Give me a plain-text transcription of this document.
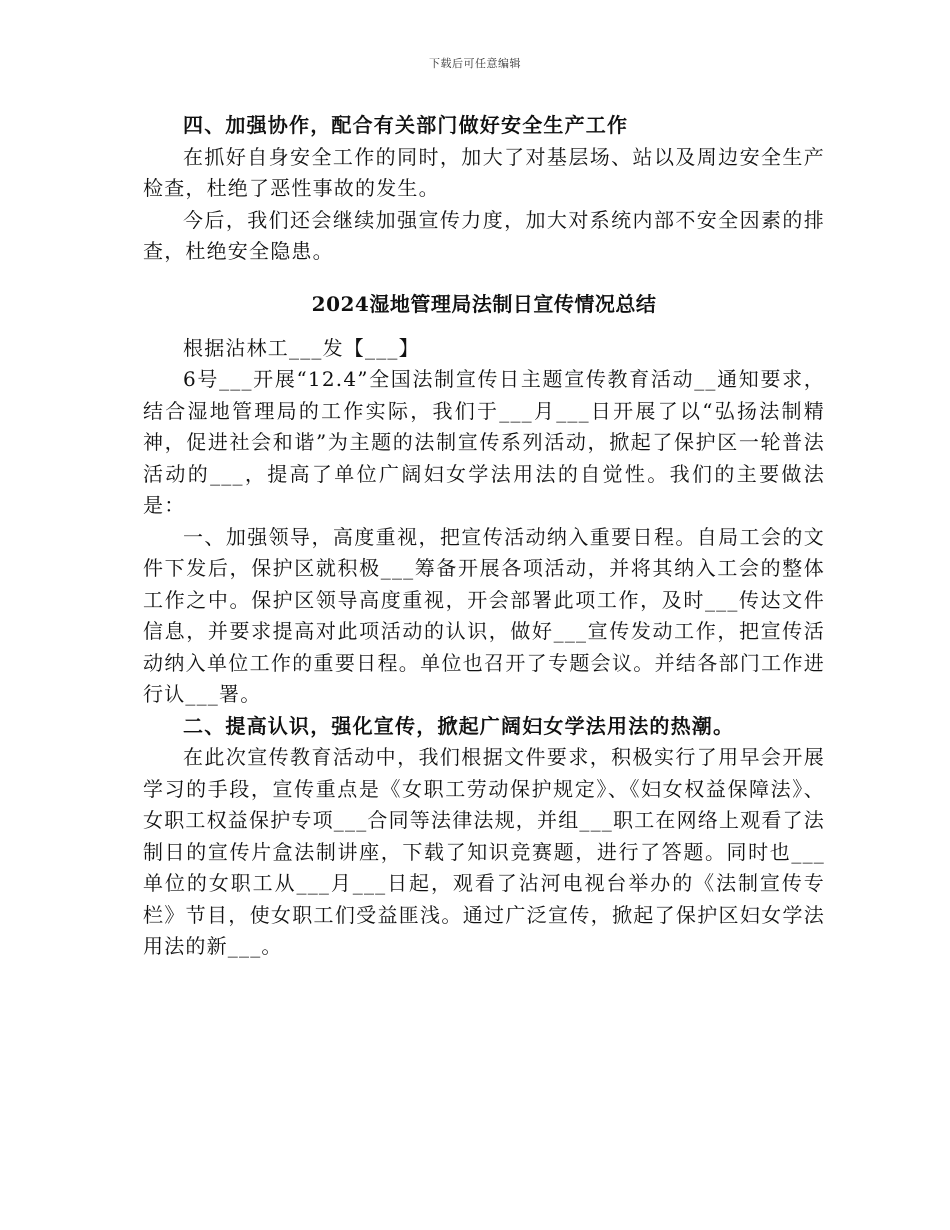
下载后可任意编辑

四、加强协作，配合有关部门做好安全生产工作

在抓好自身安全工作的同时，加大了对基层场、站以及周边安全生产检查，杜绝了恶性事故的发生。

今后，我们还会继续加强宣传力度，加大对系统内部不安全因素的排查，杜绝安全隐患。

2024湿地管理局法制日宣传情况总结

根据沾林工___发【___】

6号___开展“12.4”全国法制宣传日主题宣传教育活动__通知要求，结合湿地管理局的工作实际，我们于___月___日开展了以“弘扬法制精神，促进社会和谐”为主题的法制宣传系列活动，掀起了保护区一轮普法活动的___，提高了单位广阔妇女学法用法的自觉性。我们的主要做法是：

一、加强领导，高度重视，把宣传活动纳入重要日程。自局工会的文件下发后，保护区就积极___筹备开展各项活动，并将其纳入工会的整体工作之中。保护区领导高度重视，开会部署此项工作，及时___传达文件信息，并要求提高对此项活动的认识，做好___宣传发动工作，把宣传活动纳入单位工作的重要日程。单位也召开了专题会议。并结各部门工作进行认___署。

二、提高认识，强化宣传，掀起广阔妇女学法用法的热潮。

在此次宣传教育活动中，我们根据文件要求，积极实行了用早会开展学习的手段，宣传重点是《女职工劳动保护规定》、《妇女权益保障法》、女职工权益保护专项___合同等法律法规，并组___职工在网络上观看了法制日的宣传片盒法制讲座，下载了知识竞赛题，进行了答题。同时也___单位的女职工从___月___日起，观看了沾河电视台举办的《法制宣传专栏》节目，使女职工们受益匪浅。通过广泛宣传，掀起了保护区妇女学法用法的新___。
